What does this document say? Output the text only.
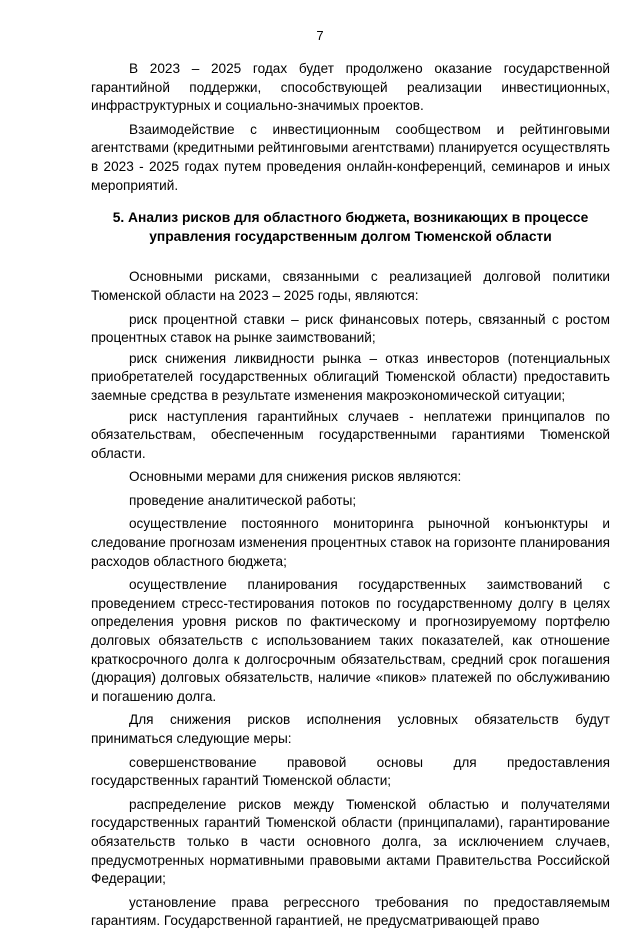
7

В 2023 – 2025 годах будет продолжено оказание государственной гарантийной поддержки, способствующей реализации инвестиционных, инфраструктурных и социально-значимых проектов.

Взаимодействие с инвестиционным сообществом и рейтинговыми агентствами (кредитными рейтинговыми агентствами) планируется осуществлять в 2023 - 2025 годах путем проведения онлайн-конференций, семинаров и иных мероприятий.

5. Анализ рисков для областного бюджета, возникающих в процессе управления государственным долгом Тюменской области

Основными рисками, связанными с реализацией долговой политики Тюменской области на 2023 – 2025 годы, являются:

риск процентной ставки – риск финансовых потерь, связанный с ростом процентных ставок на рынке заимствований;

риск снижения ликвидности рынка – отказ инвесторов (потенциальных приобретателей государственных облигаций Тюменской области) предоставить заемные средства в результате изменения макроэкономической ситуации;

риск наступления гарантийных случаев - неплатежи принципалов по обязательствам, обеспеченным государственными гарантиями Тюменской области.

Основными мерами для снижения рисков являются:

проведение аналитической работы;

осуществление постоянного мониторинга рыночной конъюнктуры и следование прогнозам изменения процентных ставок на горизонте планирования расходов областного бюджета;

осуществление планирования государственных заимствований с проведением стресс-тестирования потоков по государственному долгу в целях определения уровня рисков по фактическому и прогнозируемому портфелю долговых обязательств с использованием таких показателей, как отношение краткосрочного долга к долгосрочным обязательствам, средний срок погашения (дюрация) долговых обязательств, наличие «пиков» платежей по обслуживанию и погашению долга.

Для снижения рисков исполнения условных обязательств будут приниматься следующие меры:

совершенствование правовой основы для предоставления государственных гарантий Тюменской области;

распределение рисков между Тюменской областью и получателями государственных гарантий Тюменской области (принципалами), гарантирование обязательств только в части основного долга, за исключением случаев, предусмотренных нормативными правовыми актами Правительства Российской Федерации;

установление права регрессного требования по предоставляемым гарантиям. Государственной гарантией, не предусматривающей право
